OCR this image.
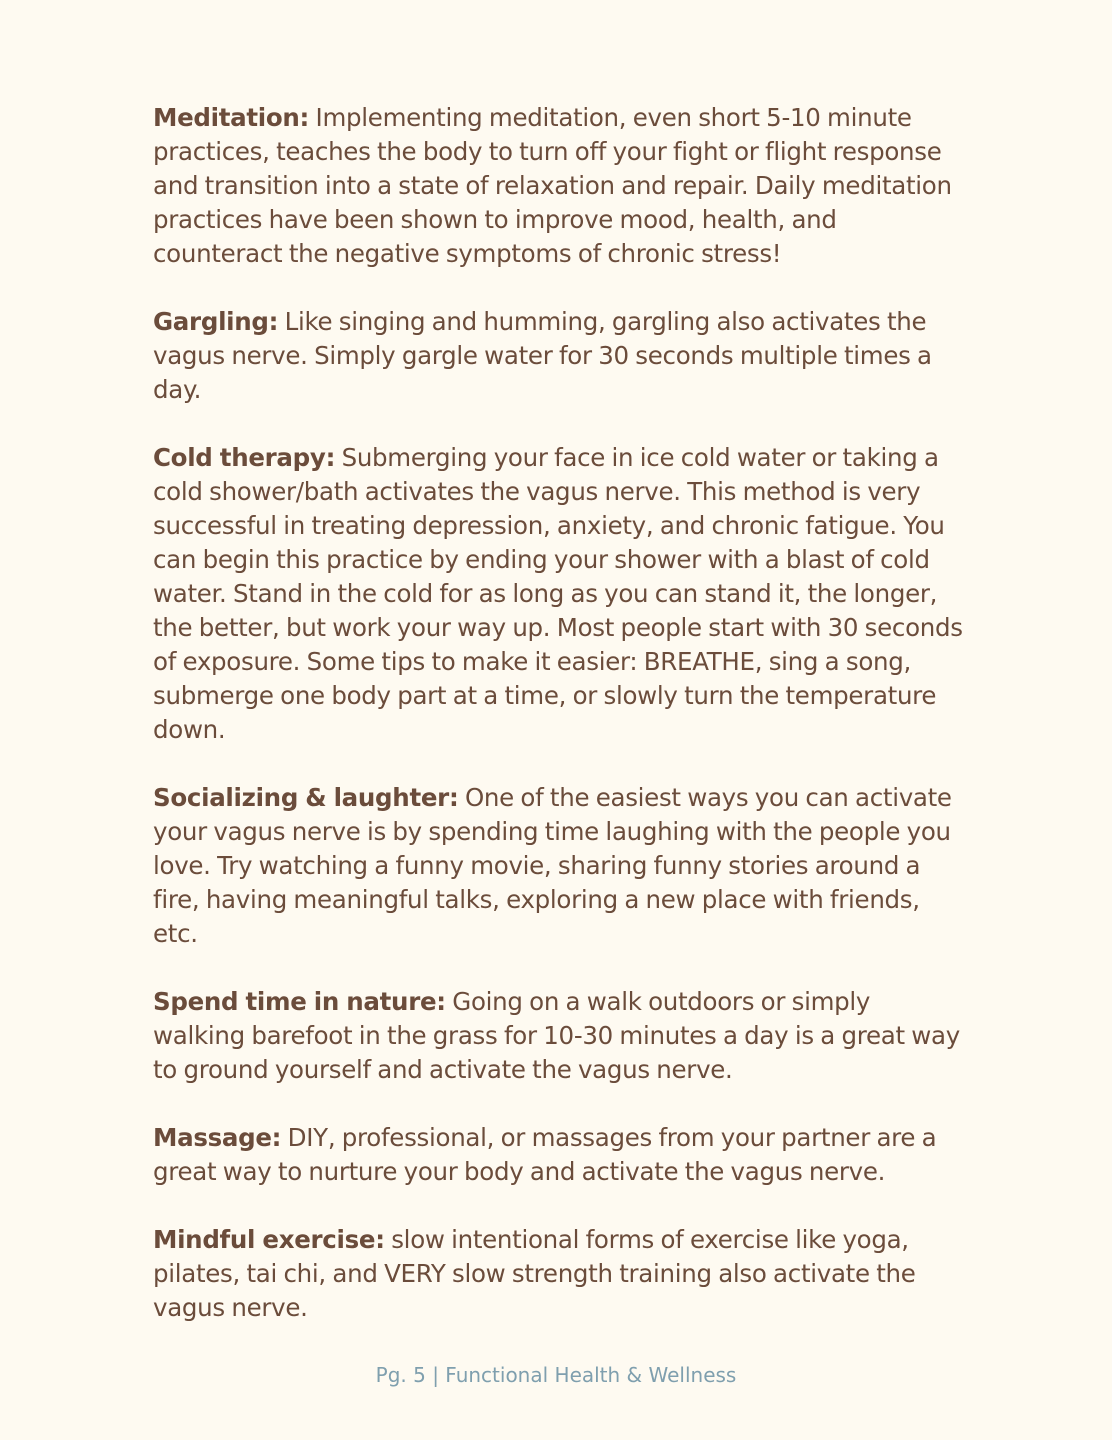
Meditation: Implementing meditation, even short 5-10 minute practices, teaches the body to turn off your fight or flight response and transition into a state of relaxation and repair. Daily meditation practices have been shown to improve mood, health, and counteract the negative symptoms of chronic stress!

Gargling: Like singing and humming, gargling also activates the vagus nerve. Simply gargle water for 30 seconds multiple times a day.

Cold therapy: Submerging your face in ice cold water or taking a cold shower/bath activates the vagus nerve. This method is very successful in treating depression, anxiety, and chronic fatigue. You can begin this practice by ending your shower with a blast of cold water. Stand in the cold for as long as you can stand it, the longer, the better, but work your way up. Most people start with 30 seconds of exposure. Some tips to make it easier: BREATHE, sing a song, submerge one body part at a time, or slowly turn the temperature down.

Socializing & laughter: One of the easiest ways you can activate your vagus nerve is by spending time laughing with the people you love. Try watching a funny movie, sharing funny stories around a fire, having meaningful talks, exploring a new place with friends, etc.

Spend time in nature: Going on a walk outdoors or simply walking barefoot in the grass for 10-30 minutes a day is a great way to ground yourself and activate the vagus nerve.

Massage: DIY, professional, or massages from your partner are a great way to nurture your body and activate the vagus nerve.

Mindful exercise: slow intentional forms of exercise like yoga, pilates, tai chi, and VERY slow strength training also activate the vagus nerve.

Pg. 5 | Functional Health & Wellness
